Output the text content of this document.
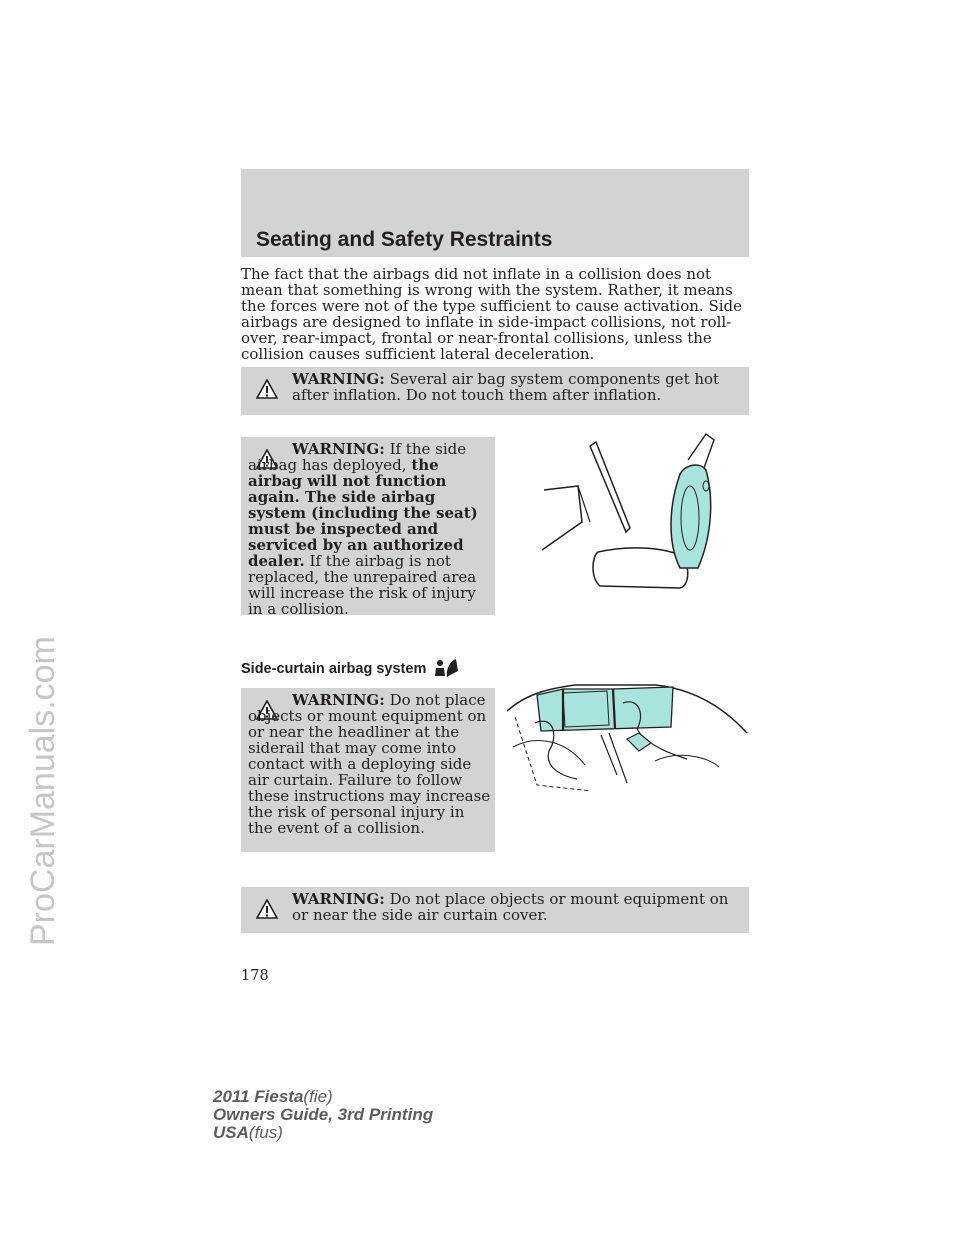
Seating and Safety Restraints

The fact that the airbags did not inflate in a collision does not mean that something is wrong with the system. Rather, it means the forces were not of the type sufficient to cause activation. Side airbags are designed to inflate in side-impact collisions, not roll-over, rear-impact, frontal or near-frontal collisions, unless the collision causes sufficient lateral deceleration.

WARNING: Several air bag system components get hot after inflation. Do not touch them after inflation.

WARNING: If the side airbag has deployed, the airbag will not function again. The side airbag system (including the seat) must be inspected and serviced by an authorized dealer. If the airbag is not replaced, the unrepaired area will increase the risk of injury in a collision.

Side-curtain airbag system

WARNING: Do not place objects or mount equipment on or near the headliner at the siderail that may come into contact with a deploying side air curtain. Failure to follow these instructions may increase the risk of personal injury in the event of a collision.

WARNING: Do not place objects or mount equipment on or near the side air curtain cover.

178

2011 Fiesta(fie)
Owners Guide, 3rd Printing
USA(fus)

ProCarManuals.com
